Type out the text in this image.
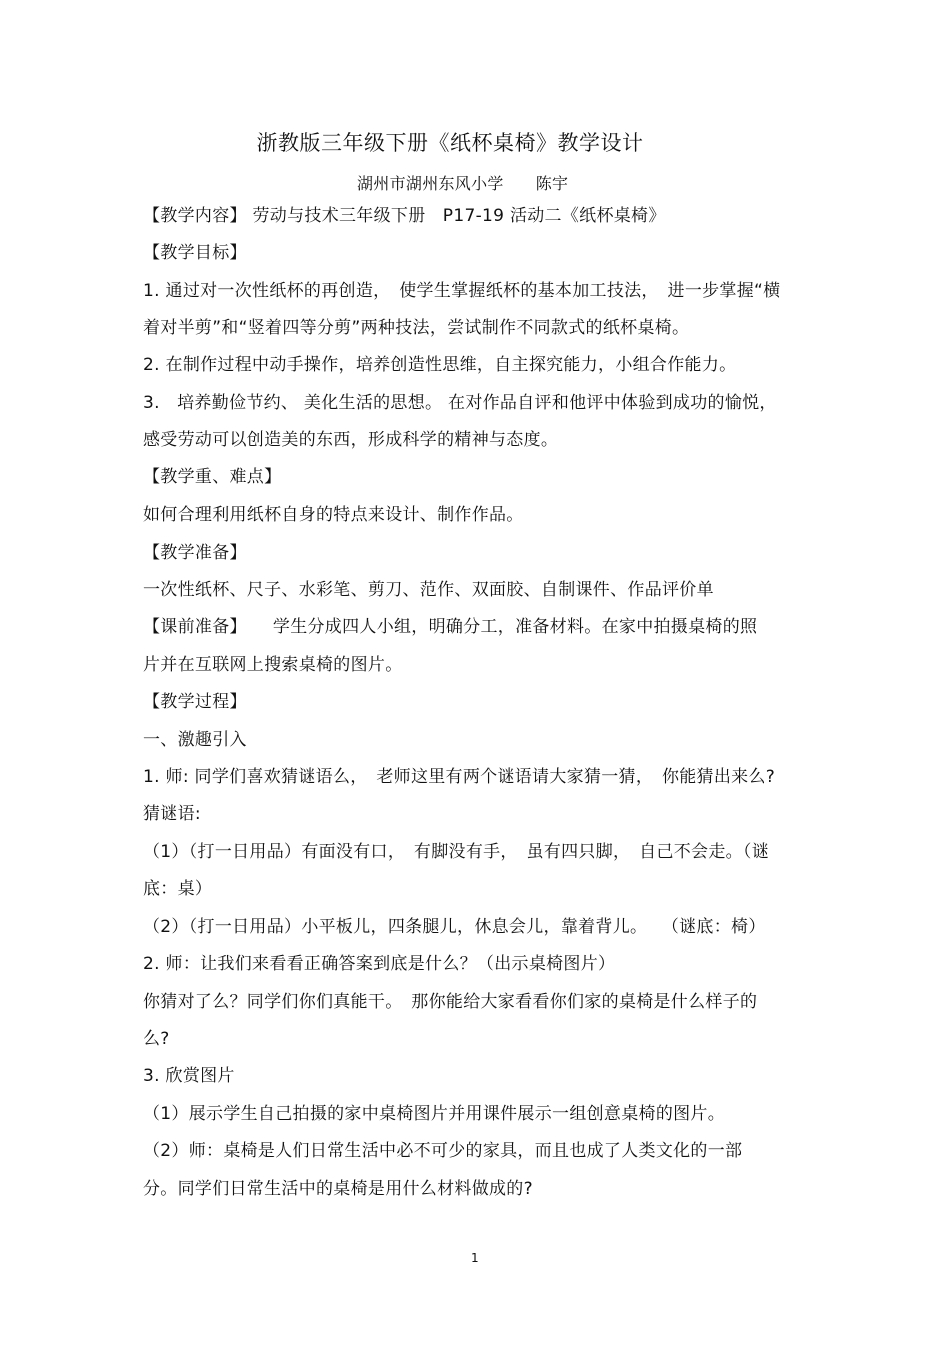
浙教版三年级下册《纸杯桌椅》教学设计
湖州市湖州东风小学 陈宇
【教学内容】 劳动与技术三年级下册　P17-19 活动二《纸杯桌椅》
【教学目标】
1. 通过对一次性纸杯的再创造，　使学生掌握纸杯的基本加工技法，　进一步掌握“横
着对半剪”和“竖着四等分剪”两种技法，尝试制作不同款式的纸杯桌椅。
2. 在制作过程中动手操作，培养创造性思维，自主探究能力，小组合作能力。
3.　培养勤俭节约、 美化生活的思想。 在对作品自评和他评中体验到成功的愉悦，
感受劳动可以创造美的东西，形成科学的精神与态度。
【教学重、难点】
如何合理利用纸杯自身的特点来设计、制作作品。
【教学准备】
一次性纸杯、尺子、水彩笔、剪刀、范作、双面胶、自制课件、作品评价单
【课前准备】　　学生分成四人小组，明确分工，准备材料。在家中拍摄桌椅的照
片并在互联网上搜索桌椅的图片。
【教学过程】
一、激趣引入
1. 师: 同学们喜欢猜谜语么，　老师这里有两个谜语请大家猜一猜，　你能猜出来么?
猜谜语:
（1）（打一日用品）有面没有口，　有脚没有手，　虽有四只脚，　自己不会走。（谜
底：桌）
（2）（打一日用品）小平板儿，四条腿儿，休息会儿，靠着背儿。　 （谜底：椅）
2. 师：让我们来看看正确答案到底是什么？（出示桌椅图片）
你猜对了么？同学们你们真能干。　那你能给大家看看你们家的桌椅是什么样子的
么?
3. 欣赏图片
（1）展示学生自己拍摄的家中桌椅图片并用课件展示一组创意桌椅的图片。
（2）师：桌椅是人们日常生活中必不可少的家具，而且也成了人类文化的一部
分。同学们日常生活中的桌椅是用什么材料做成的?
1
